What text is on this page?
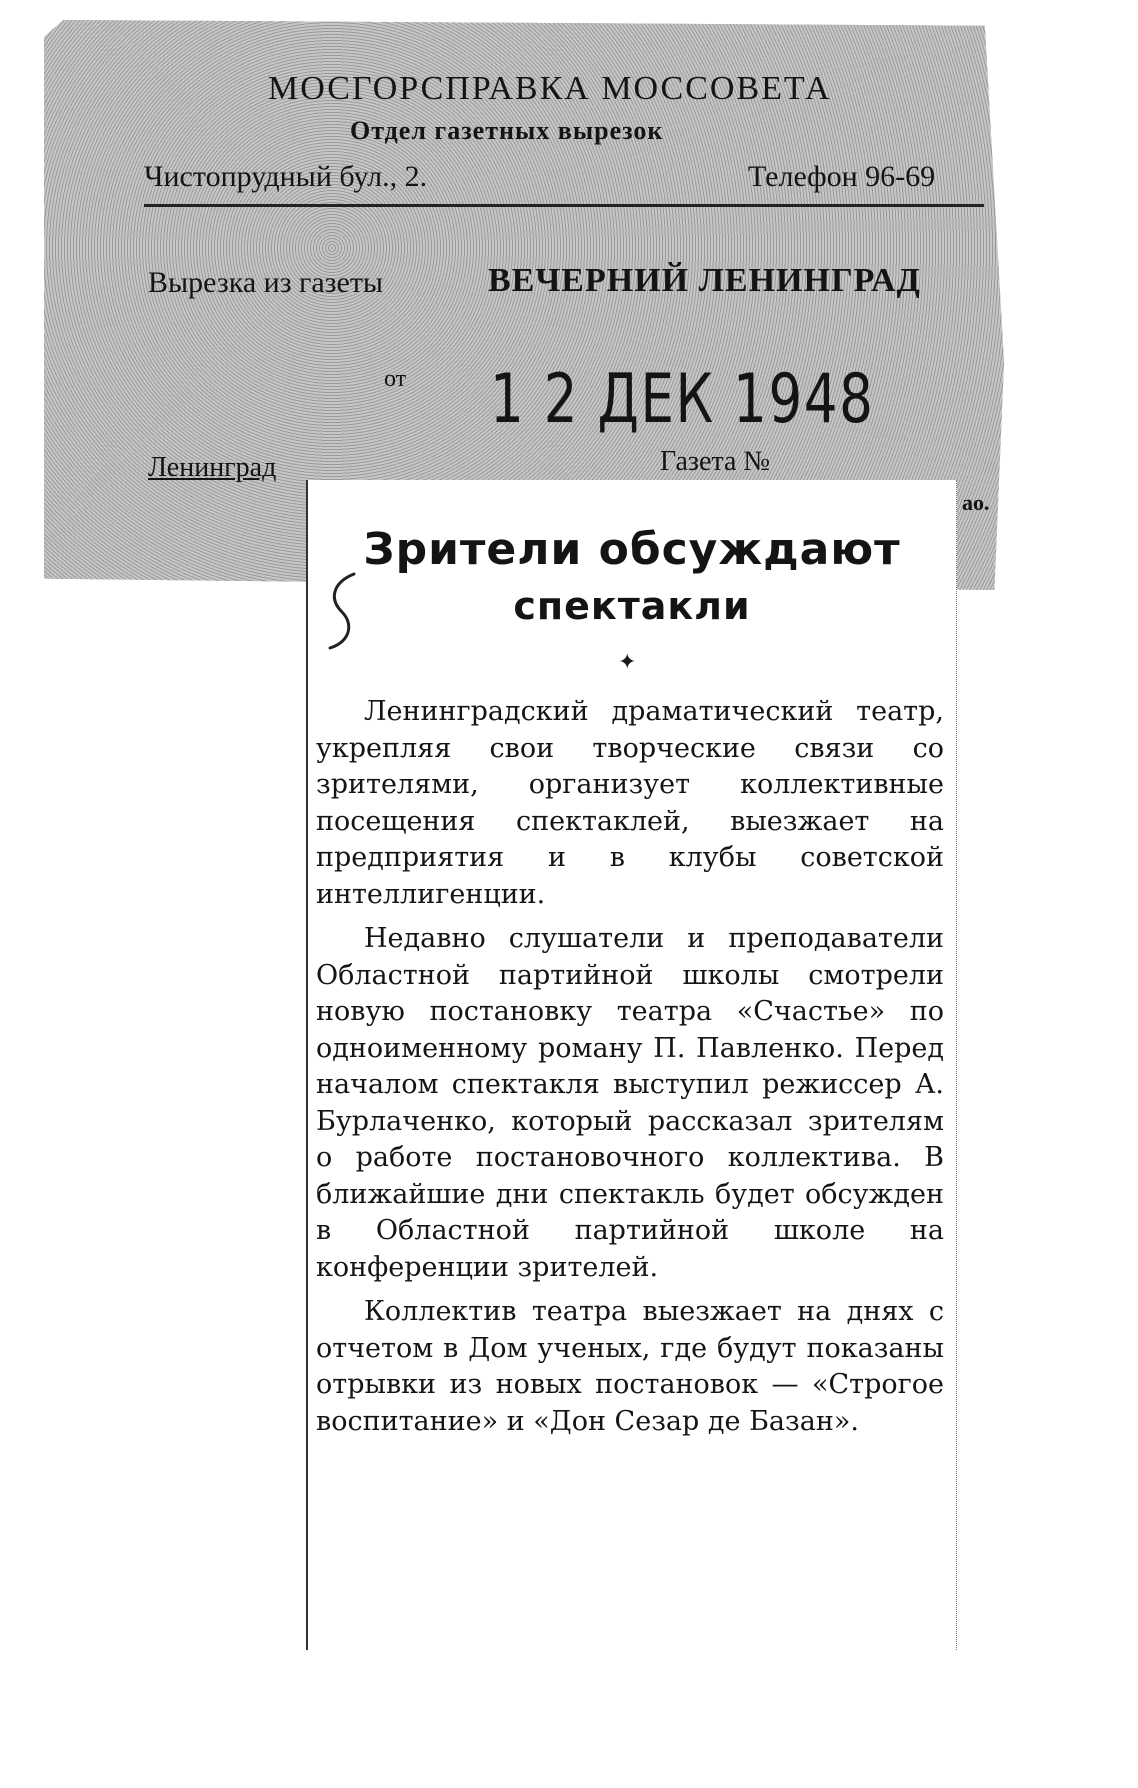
МОСГОРСПРАВКА МОССОВЕТА
Отдел газетных вырезок
Чистопрудный бул., 2.	Телефон 96-69
Вырезка из газеты	ВЕЧЕРНИЙ ЛЕНИНГРАД
от 1 2 ДЕК 1948
Ленинград	Газета №
ао.
Зрители обсуждают
спектакли
✦

Ленинградский драматический театр, укрепляя свои творческие связи со зрителями, организует коллективные посещения спектаклей, выезжает на предприятия и в клубы советской интеллигенции.

Недавно слушатели и преподаватели Областной партийной школы смотрели новую постановку театра «Счастье» по одноименному роману П. Павленко. Перед началом спектакля выступил режиссер А. Бурлаченко, который рассказал зрителям о работе постановочного коллектива. В ближайшие дни спектакль будет обсужден в Областной партийной школе на конференции зрителей.

Коллектив театра выезжает на днях с отчетом в Дом ученых, где будут показаны отрывки из новых постановок — «Строгое воспитание» и «Дон Сезар де Базан».
